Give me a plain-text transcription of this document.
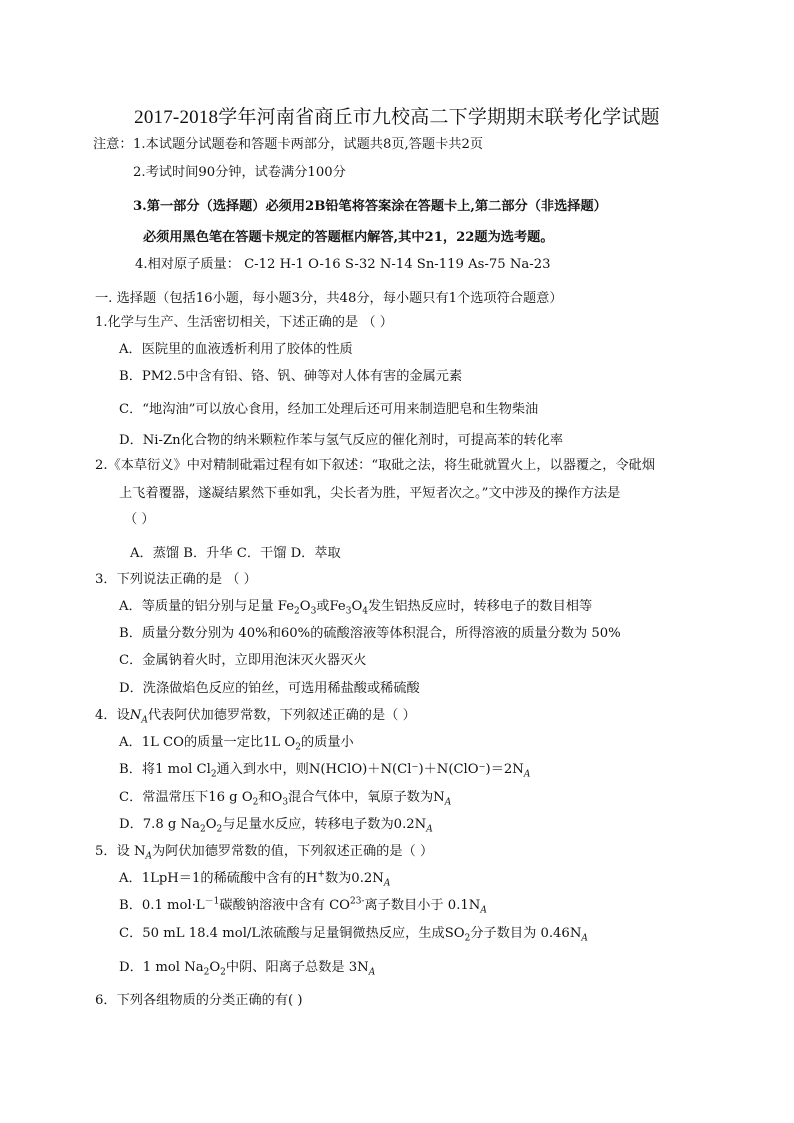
2017-2018学年河南省商丘市九校高二下学期期末联考化学试题
注意： 1.本试题分试题卷和答题卡两部分，试题共8页,答题卡共2页
2.考试时间90分钟，试卷满分100分
3.第一部分（选择题）必须用2B铅笔将答案涂在答题卡上,第二部分（非选择题）
必须用黑色笔在答题卡规定的答题框内解答,其中21，22题为选考题。
4.相对原子质量： C-12 H-1 O-16 S-32 N-14 Sn-119 As-75 Na-23
一. 选择题（包括16小题，每小题3分，共48分，每小题只有1个选项符合题意）
1.化学与生产、生活密切相关，下述正确的是 （ ）
A．医院里的血液透析利用了胶体的性质
B．PM2.5中含有铅、铬、钒、砷等对人体有害的金属元素
C．“地沟油”可以放心食用，经加工处理后还可用来制造肥皂和生物柴油
D．Ni-Zn化合物的纳米颗粒作苯与氢气反应的催化剂时，可提高苯的转化率
2.《本草衍义》中对精制砒霜过程有如下叙述：“取砒之法，将生砒就置火上，以器覆之，令砒烟
上飞着覆器，遂凝结累然下垂如乳，尖长者为胜，平短者次之。”文中涉及的操作方法是
（ ）
A．蒸馏 B．升华 C．干馏 D．萃取
3．下列说法正确的是 （ ）
A．等质量的铝分别与足量 $Fe_2O_3$或$Fe_3O_4$发生铝热反应时，转移电子的数目相等
B．质量分数分别为 40%和60%的硫酸溶液等体积混合，所得溶液的质量分数为 50%
C．金属钠着火时，立即用泡沫灭火器灭火
D．洗涤做焰色反应的铂丝，可选用稀盐酸或稀硫酸
4．设$N_A$代表阿伏加德罗常数，下列叙述正确的是（ ）
A．1L CO的质量一定比1L $O_2$的质量小
B．将1 mol $Cl_2$通入到水中，则$N(HClO)+N(Cl^-)+N(ClO^-)=2N_A$
C．常温常压下16 g $O_2$和$O_3$混合气体中，氧原子数为$N_A$
D．7.8 g $Na_2O_2$与足量水反应，转移电子数为$0.2N_A$
5．设 $N_A$为阿伏加德罗常数的值，下列叙述正确的是（ ）
A．1LpH＝1的稀硫酸中含有的H+数为$0.2N_A$
B．0.1 $mol\cdot L^{-1}$碳酸钠溶液中含有 $CO^{23-}$离子数目小于 $0.1N_A$
C．50 mL 18.4 mol/L浓硫酸与足量铜微热反应，生成$SO_2$分子数目为 $0.46N_A$
D．1 mol $Na_2O_2$中阴、阳离子总数是 $3N_A$
6．下列各组物质的分类正确的有( )
